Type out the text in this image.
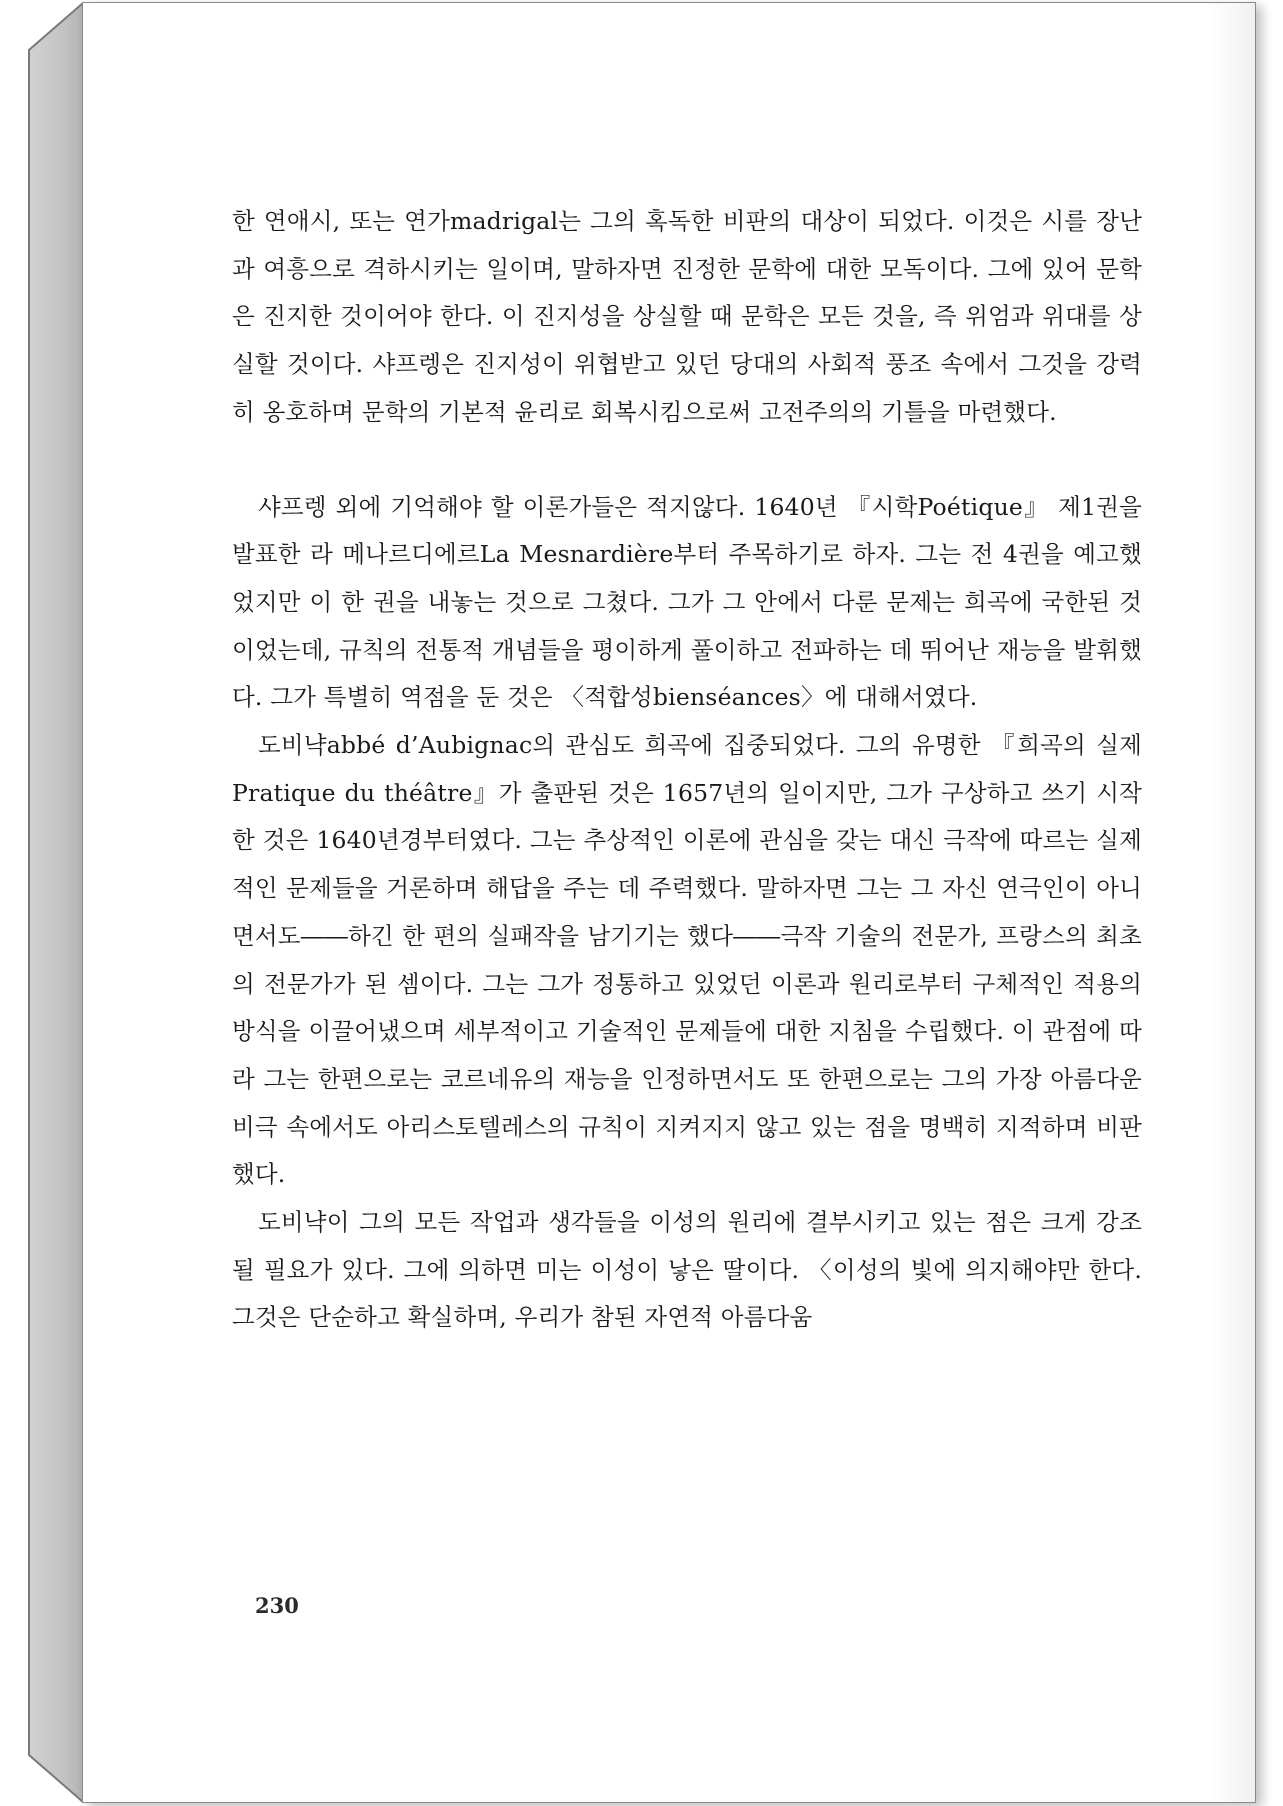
한 연애시, 또는 연가madrigal는 그의 혹독한 비판의 대상이 되었다. 이것은 시를 장난과 여흥으로 격하시키는 일이며, 말하자면 진정한 문학에 대한 모독이다. 그에 있어 문학은 진지한 것이어야 한다. 이 진지성을 상실할 때 문학은 모든 것을, 즉 위엄과 위대를 상실할 것이다. 샤프렝은 진지성이 위협받고 있던 당대의 사회적 풍조 속에서 그것을 강력히 옹호하며 문학의 기본적 윤리로 회복시킴으로써 고전주의의 기틀을 마련했다.

샤프렝 외에 기억해야 할 이론가들은 적지않다. 1640년 『시학Poétique』 제1권을 발표한 라 메나르디에르La Mesnardière부터 주목하기로 하자. 그는 전 4권을 예고했었지만 이 한 권을 내놓는 것으로 그쳤다. 그가 그 안에서 다룬 문제는 희곡에 국한된 것이었는데, 규칙의 전통적 개념들을 평이하게 풀이하고 전파하는 데 뛰어난 재능을 발휘했다. 그가 특별히 역점을 둔 것은 〈적합성bienséances〉에 대해서였다.

도비냑abbé d’Aubignac의 관심도 희곡에 집중되었다. 그의 유명한 『희곡의 실제Pratique du théâtre』가 출판된 것은 1657년의 일이지만, 그가 구상하고 쓰기 시작한 것은 1640년경부터였다. 그는 추상적인 이론에 관심을 갖는 대신 극작에 따르는 실제적인 문제들을 거론하며 해답을 주는 데 주력했다. 말하자면 그는 그 자신 연극인이 아니면서도――하긴 한 편의 실패작을 남기기는 했다――극작 기술의 전문가, 프랑스의 최초의 전문가가 된 셈이다. 그는 그가 정통하고 있었던 이론과 원리로부터 구체적인 적용의 방식을 이끌어냈으며 세부적이고 기술적인 문제들에 대한 지침을 수립했다. 이 관점에 따라 그는 한편으로는 코르네유의 재능을 인정하면서도 또 한편으로는 그의 가장 아름다운 비극 속에서도 아리스토텔레스의 규칙이 지켜지지 않고 있는 점을 명백히 지적하며 비판했다.

도비냑이 그의 모든 작업과 생각들을 이성의 원리에 결부시키고 있는 점은 크게 강조될 필요가 있다. 그에 의하면 미는 이성이 낳은 딸이다. 〈이성의 빛에 의지해야만 한다. 그것은 단순하고 확실하며, 우리가 참된 자연적 아름다움

230
